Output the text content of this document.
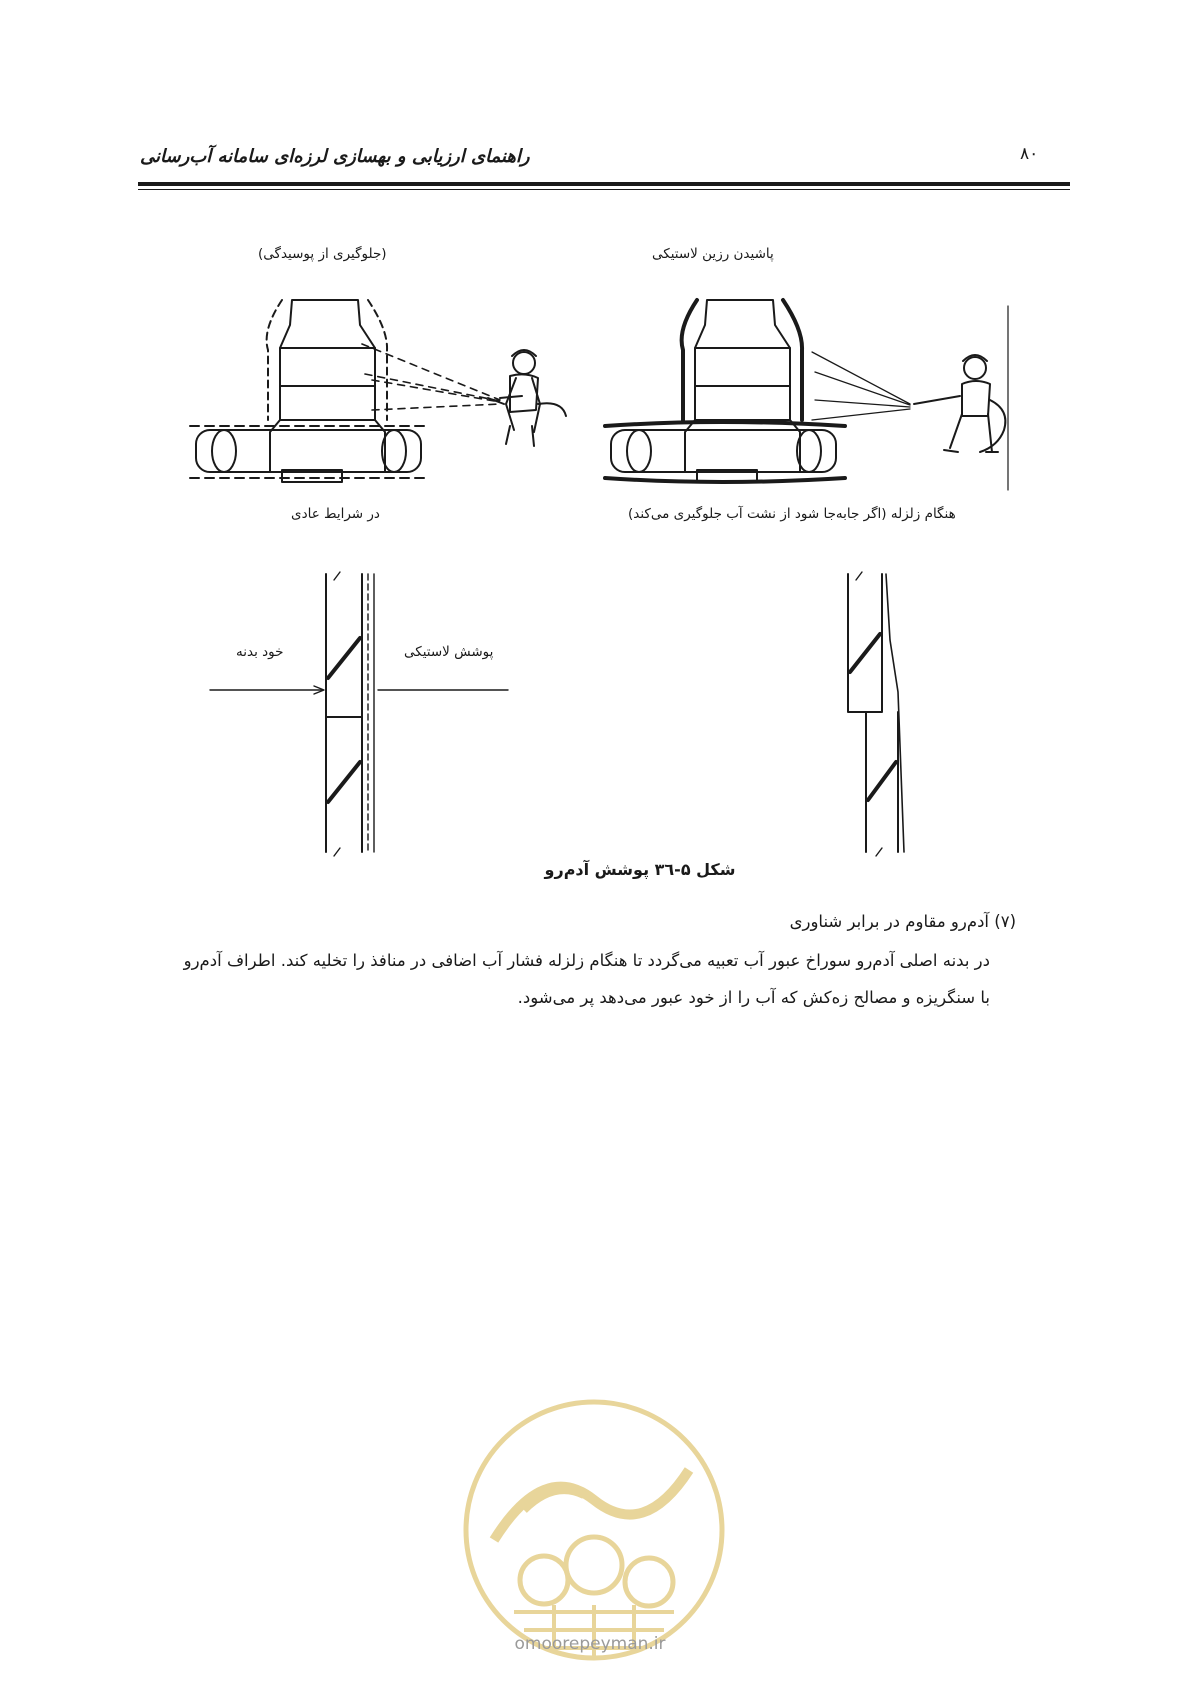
راهنمای ارزیابی و بهسازی لرزه‌ای سامانه آب‌رسانی	۸۰
(جلوگیری از پوسیدگی)	پاشیدن رزین لاستیکی
در شرایط عادی	هنگام زلزله (اگر جابه‌جا شود از نشت آب جلوگیری می‌کند)
خود بدنه	پوشش لاستیکی
شکل ۵-۳٦ پوشش آدم‌رو
(۷) آدم‌رو مقاوم در برابر شناوری
در بدنه اصلی آدم‌رو سوراخ عبور آب تعبیه می‌گردد تا هنگام زلزله فشار آب اضافی در منافذ را تخلیه کند. اطراف آدم‌رو
با سنگریزه و مصالح زه‌کش که آب را از خود عبور می‌دهد پر می‌شود.
omoorepeyman.ir
